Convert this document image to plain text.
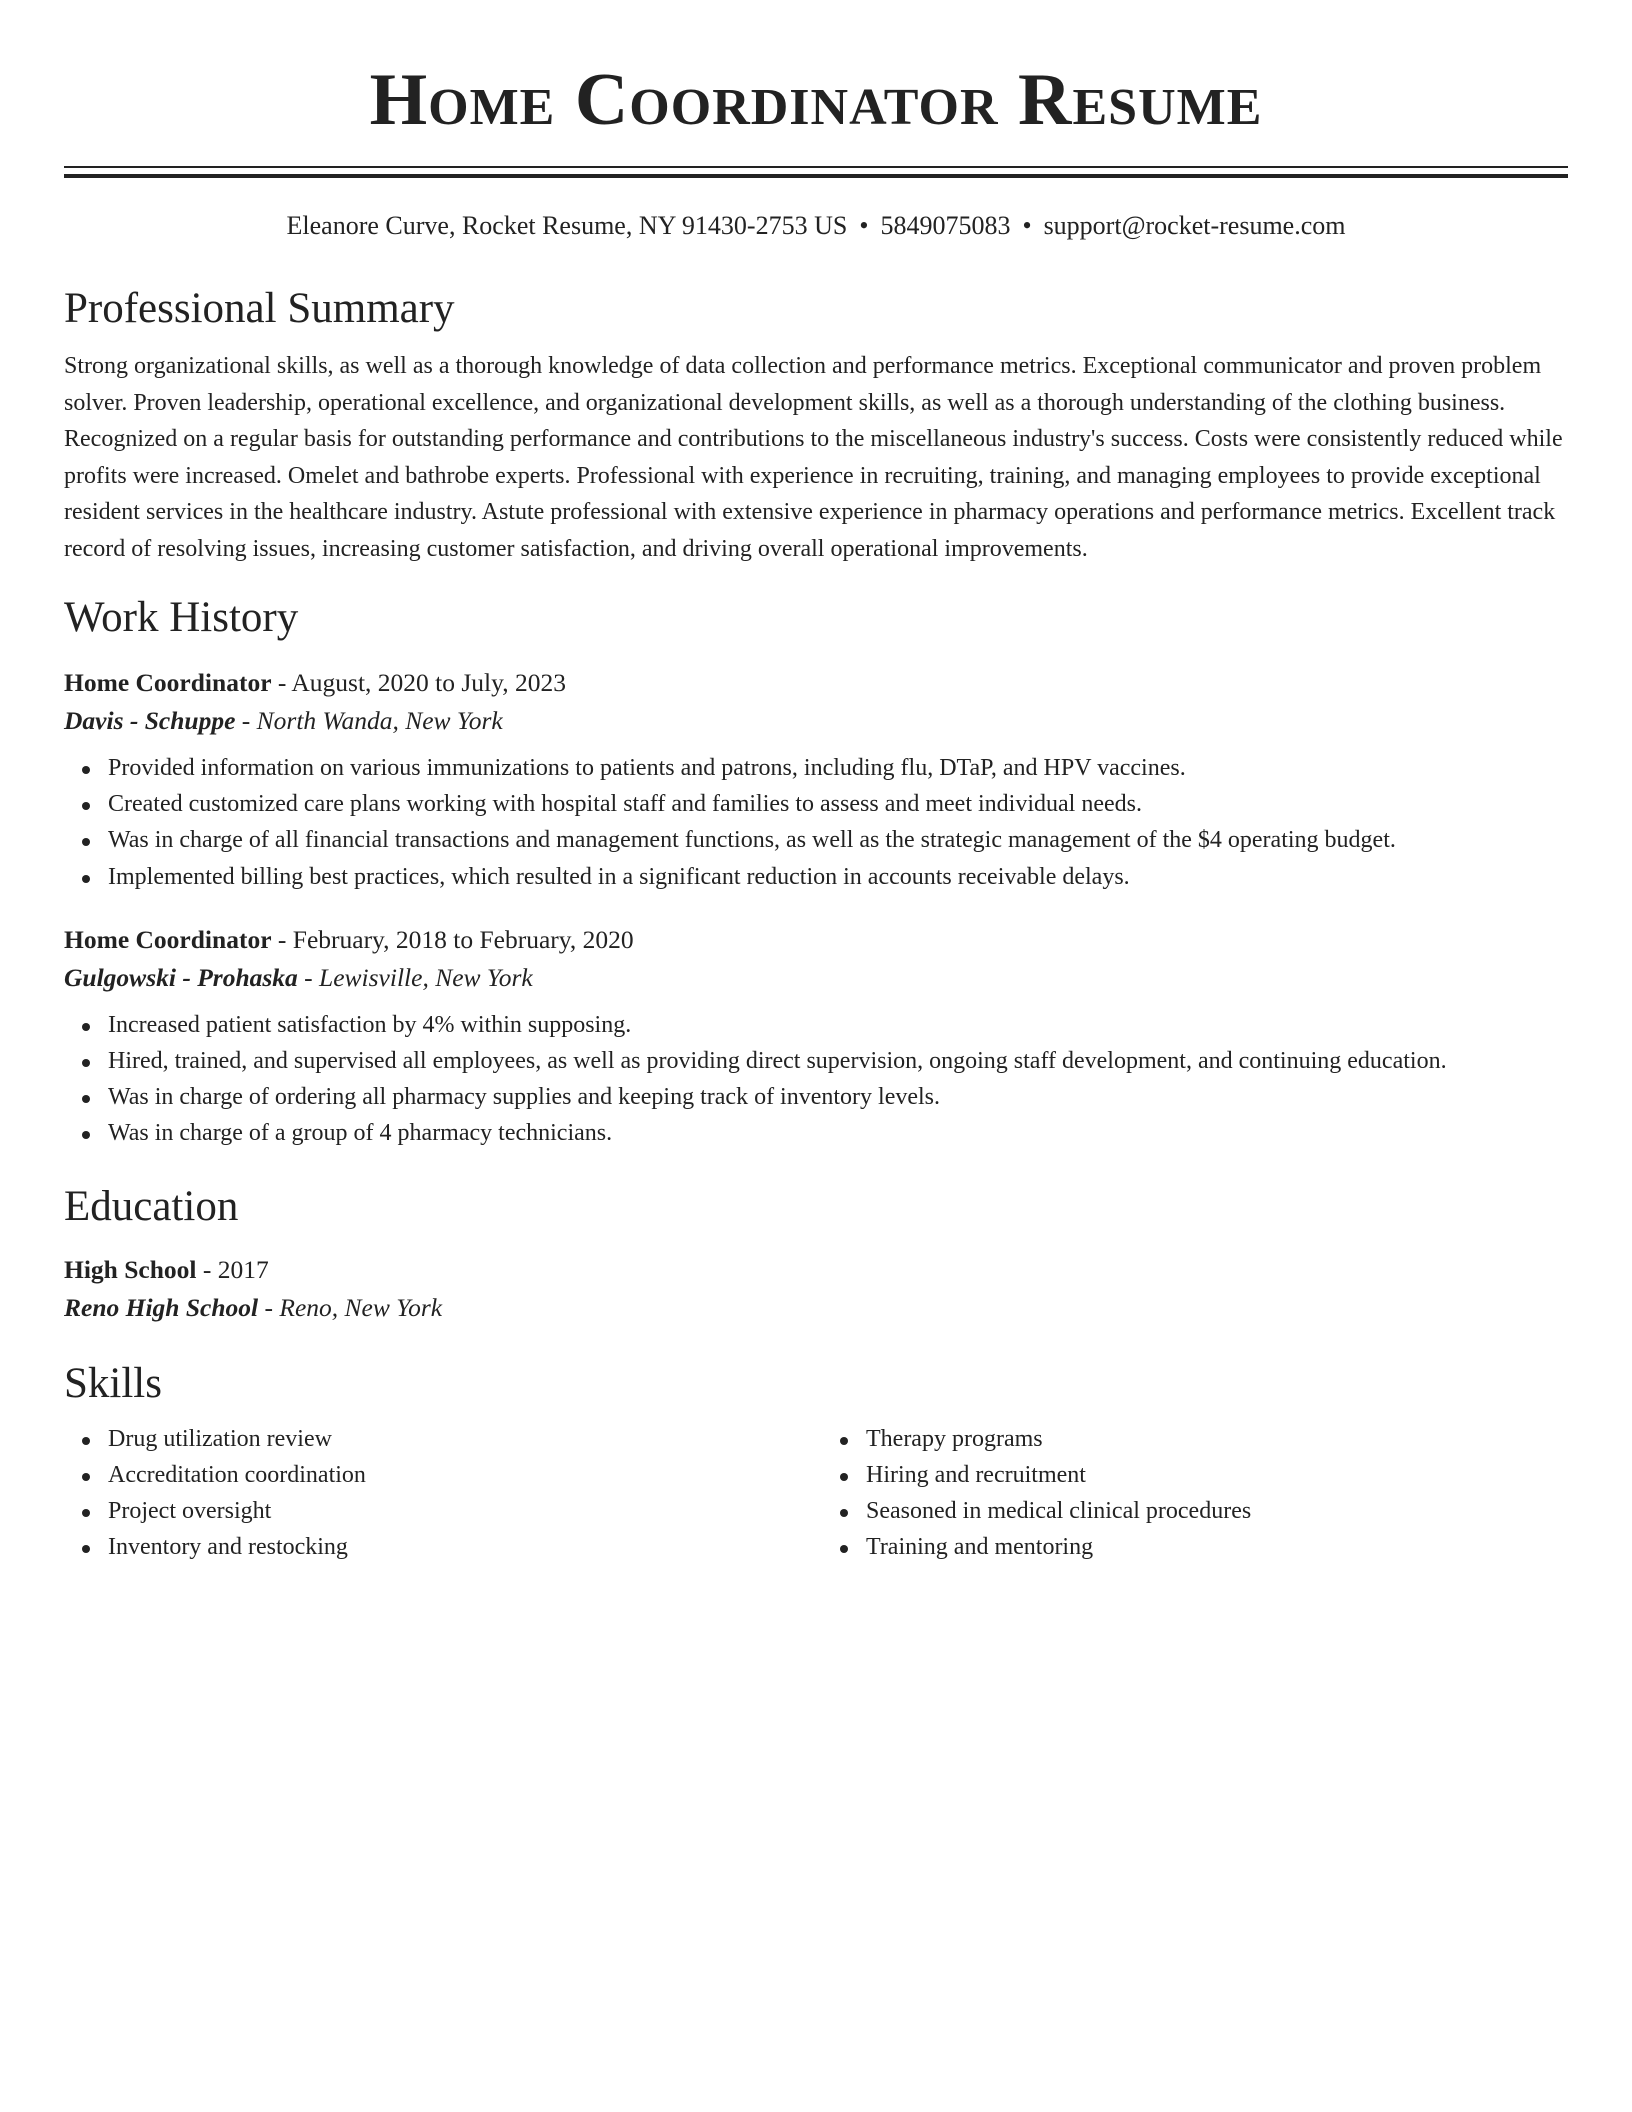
Home Coordinator Resume
Eleanore Curve, Rocket Resume, NY 91430-2753 US • 5849075083 • support@rocket-resume.com
Professional Summary

Strong organizational skills, as well as a thorough knowledge of data collection and performance metrics. Exceptional communicator and proven problem solver. Proven leadership, operational excellence, and organizational development skills, as well as a thorough understanding of the clothing business. Recognized on a regular basis for outstanding performance and contributions to the miscellaneous industry's success. Costs were consistently reduced while profits were increased. Omelet and bathrobe experts. Professional with experience in recruiting, training, and managing employees to provide exceptional resident services in the healthcare industry. Astute professional with extensive experience in pharmacy operations and performance metrics. Excellent track record of resolving issues, increasing customer satisfaction, and driving overall operational improvements.

Work History
Home Coordinator - August, 2020 to July, 2023
Davis - Schuppe - North Wanda, New York
Provided information on various immunizations to patients and patrons, including flu, DTaP, and HPV vaccines.
Created customized care plans working with hospital staff and families to assess and meet individual needs.
Was in charge of all financial transactions and management functions, as well as the strategic management of the $4 operating budget.
Implemented billing best practices, which resulted in a significant reduction in accounts receivable delays.
Home Coordinator - February, 2018 to February, 2020
Gulgowski - Prohaska - Lewisville, New York
Increased patient satisfaction by 4% within supposing.
Hired, trained, and supervised all employees, as well as providing direct supervision, ongoing staff development, and continuing education.
Was in charge of ordering all pharmacy supplies and keeping track of inventory levels.
Was in charge of a group of 4 pharmacy technicians.
Education
High School - 2017
Reno High School - Reno, New York
Skills
Drug utilization review
Accreditation coordination
Project oversight
Inventory and restocking
Therapy programs
Hiring and recruitment
Seasoned in medical clinical procedures
Training and mentoring
